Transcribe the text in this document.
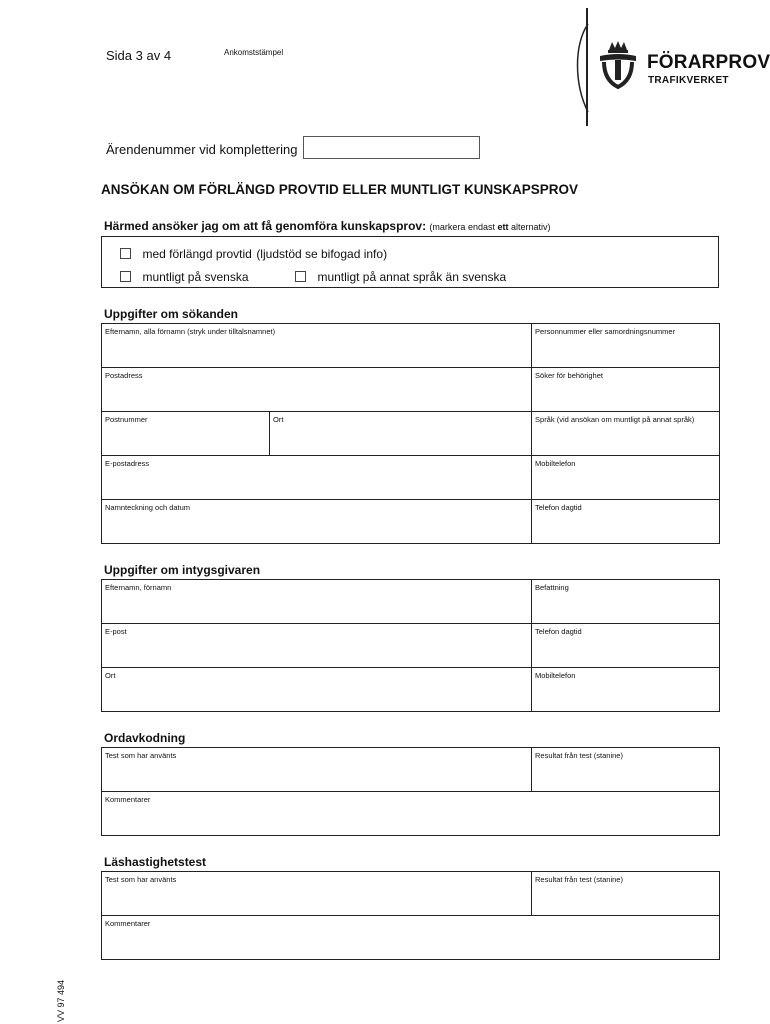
Sida 3 av 4	Ankomststämpel	FÖRARPROV
TRAFIKVERKET
Ärendenummer vid komplettering
ANSÖKAN OM FÖRLÄNGD PROVTID ELLER MUNTLIGT KUNSKAPSPROV
Härmed ansöker jag om att få genomföra kunskapsprov: (markera endast ett alternativ)
med förlängd provtid (ljudstöd se bifogad info)
muntligt på svenska	muntligt på annat språk än svenska
Uppgifter om sökanden
Efternamn, alla förnamn (stryk under tilltalsnamnet)		Personnummer eller samordningsnummer

Postadress		Söker för behörighet

Postnummer	Ort	Språk (vid ansökan om muntligt på annat språk)

E-postadress		Mobiltelefon

Namnteckning och datum		Telefon dagtid
Uppgifter om intygsgivaren
Efternamn, förnamn	Befattning

E-post	Telefon dagtid

Ort	Mobiltelefon
Ordavkodning
Test som har använts	Resultat från test (stanine)

Kommentarer
Läshastighetstest
Test som har använts	Resultat från test (stanine)

Kommentarer
VV 97 494
